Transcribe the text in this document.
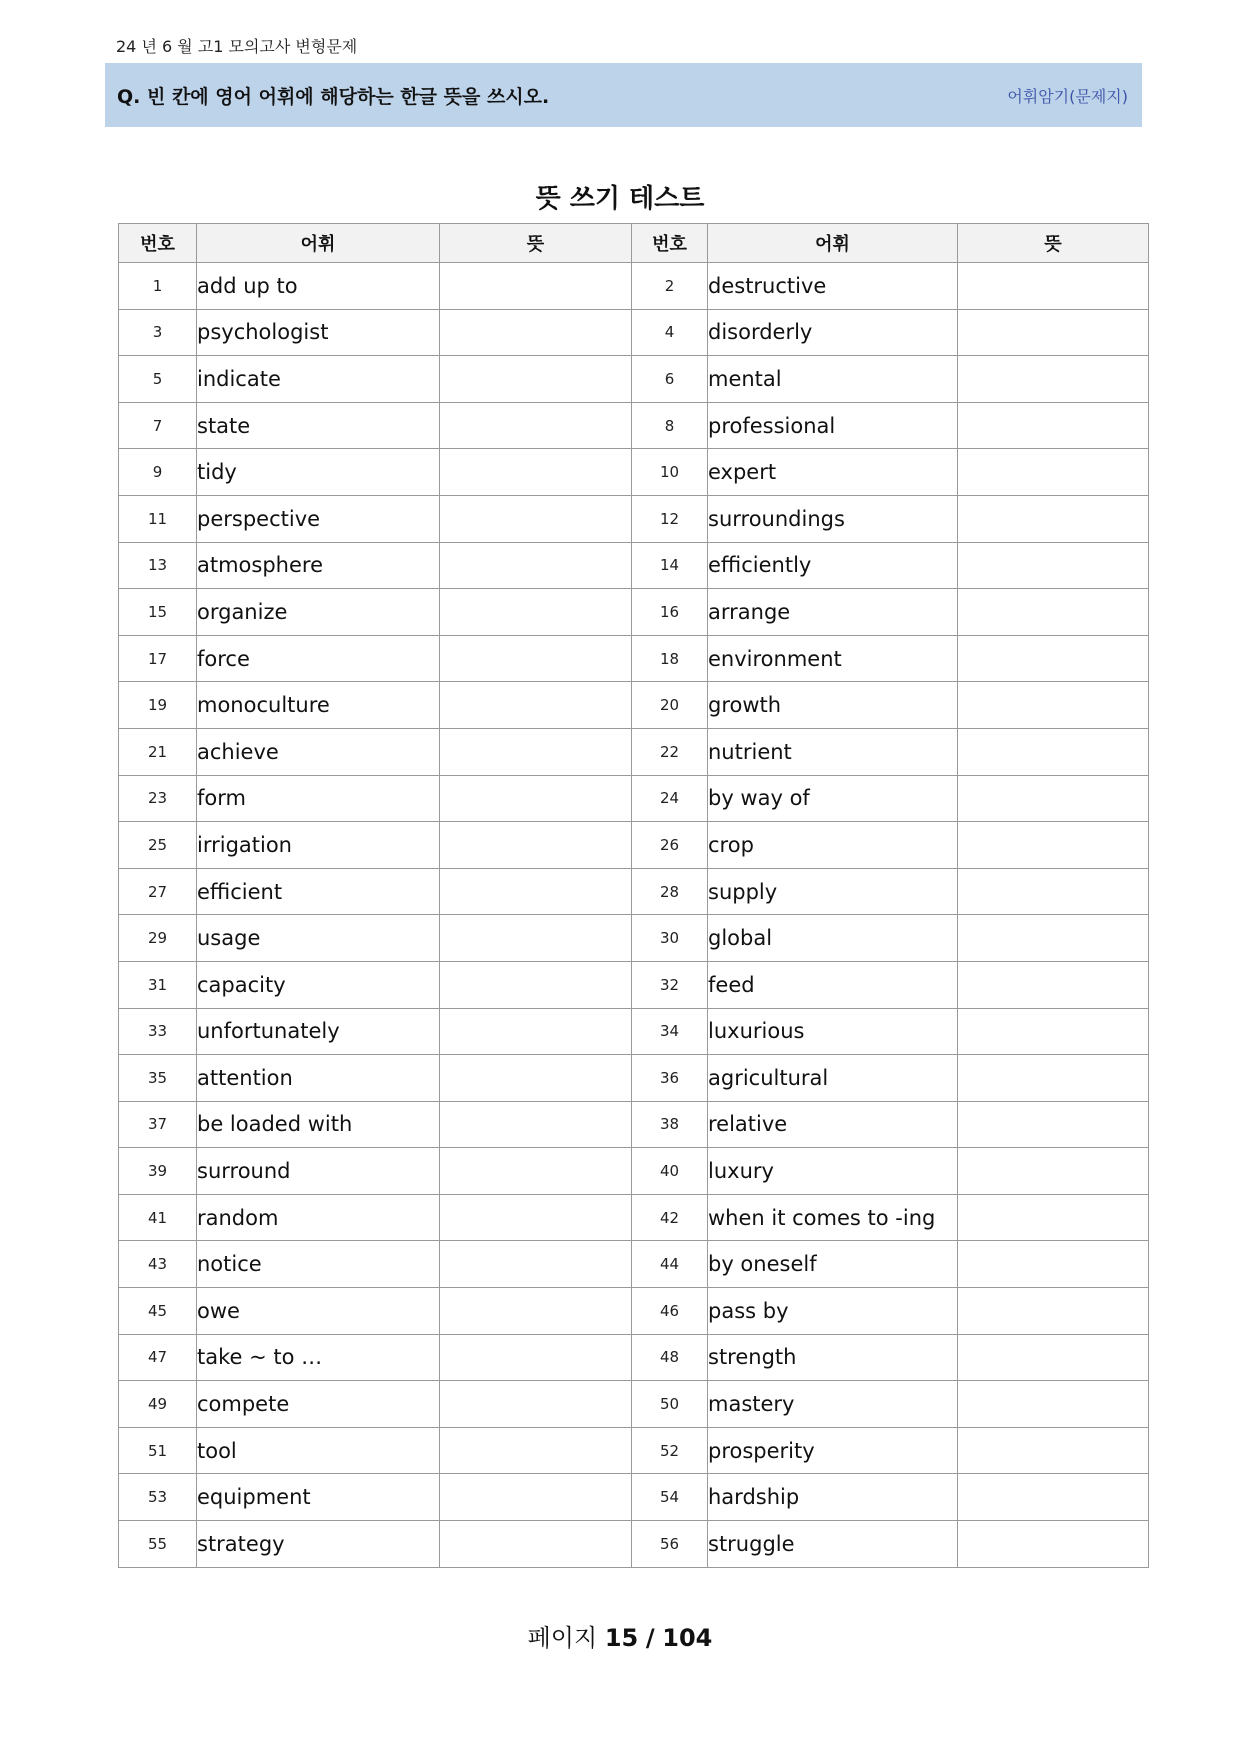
24 년 6 월 고1 모의고사 변형문제
Q. 빈 칸에 영어 어휘에 해당하는 한글 뜻을 쓰시오.	어휘암기(문제지)
뜻 쓰기 테스트
번호	어휘	뜻	번호	어휘	뜻
1	add up to		2	destructive	
3	psychologist		4	disorderly	
5	indicate		6	mental	
7	state		8	professional	
9	tidy		10	expert	
11	perspective		12	surroundings	
13	atmosphere		14	efficiently	
15	organize		16	arrange	
17	force		18	environment	
19	monoculture		20	growth	
21	achieve		22	nutrient	
23	form		24	by way of	
25	irrigation		26	crop	
27	efficient		28	supply	
29	usage		30	global	
31	capacity		32	feed	
33	unfortunately		34	luxurious	
35	attention		36	agricultural	
37	be loaded with		38	relative	
39	surround		40	luxury	
41	random		42	when it comes to -ing	
43	notice		44	by oneself	
45	owe		46	pass by	
47	take ~ to …		48	strength	
49	compete		50	mastery	
51	tool		52	prosperity	
53	equipment		54	hardship	
55	strategy		56	struggle	
페이지 15 / 104
